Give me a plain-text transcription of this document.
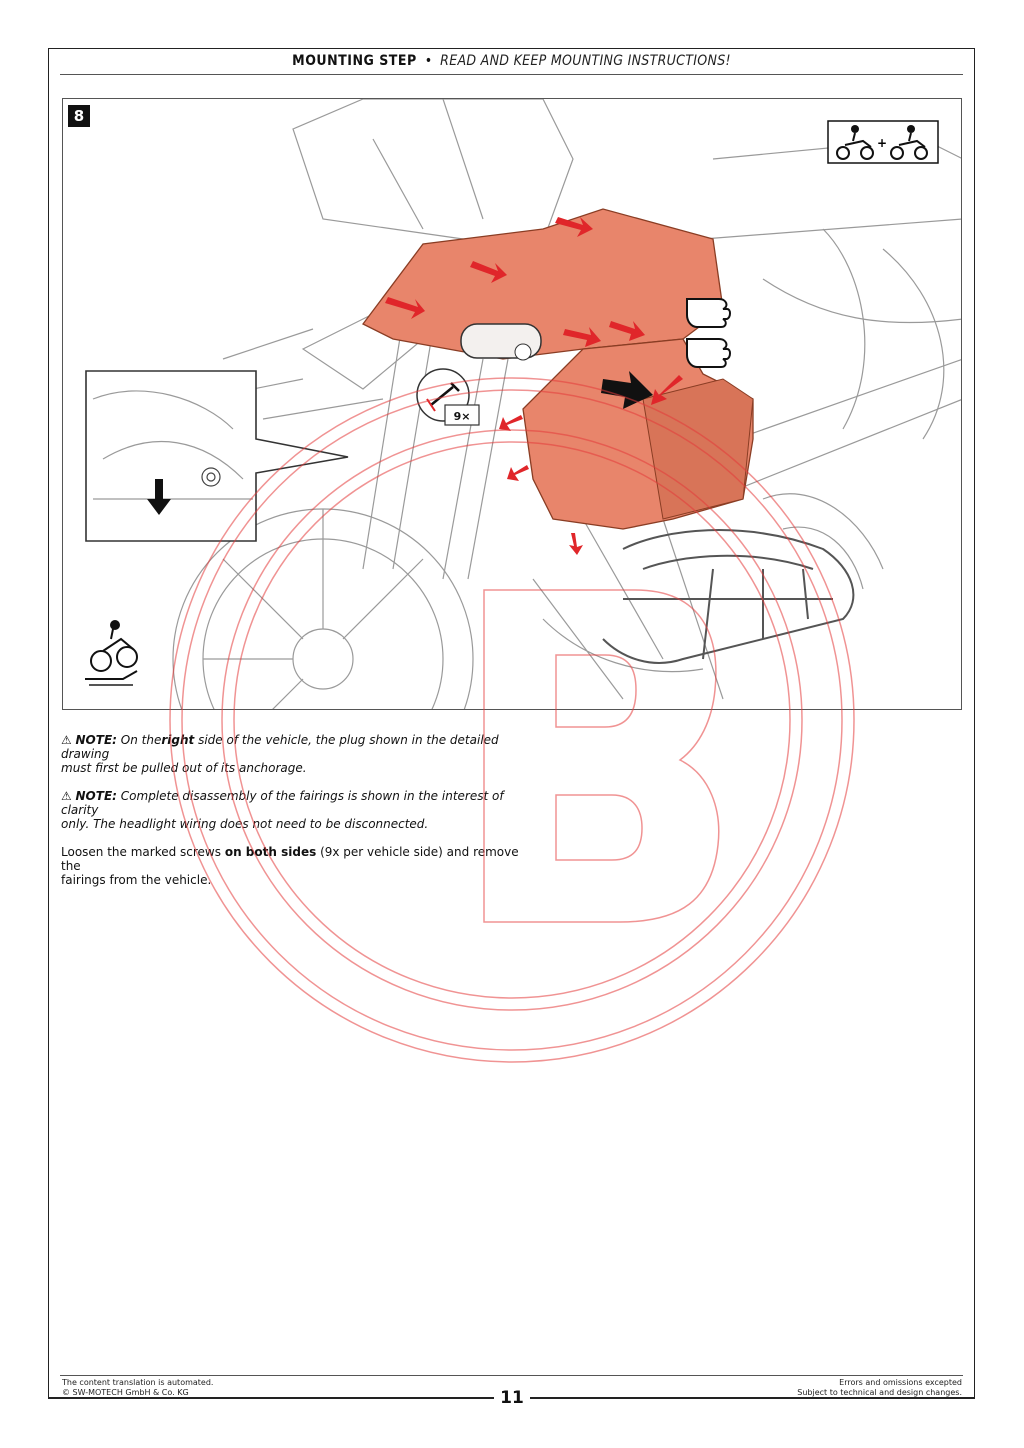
MOUNTING STEP • READ AND KEEP MOUNTING INSTRUCTIONS!
9×
+
8

⚠ NOTE: On theright side of the vehicle, the plug shown in the detailed drawing
must first be pulled out of its anchorage.

⚠ NOTE: Complete disassembly of the fairings is shown in the interest of clarity
only. The headlight wiring does not need to be disconnected.

Loosen the marked screws on both sides (9x per vehicle side) and remove the
fairings from the vehicle.

The content translation is automated.
© SW-MOTECH GmbH & Co. KG
Errors and omissions excepted
Subject to technical and design changes.
11
